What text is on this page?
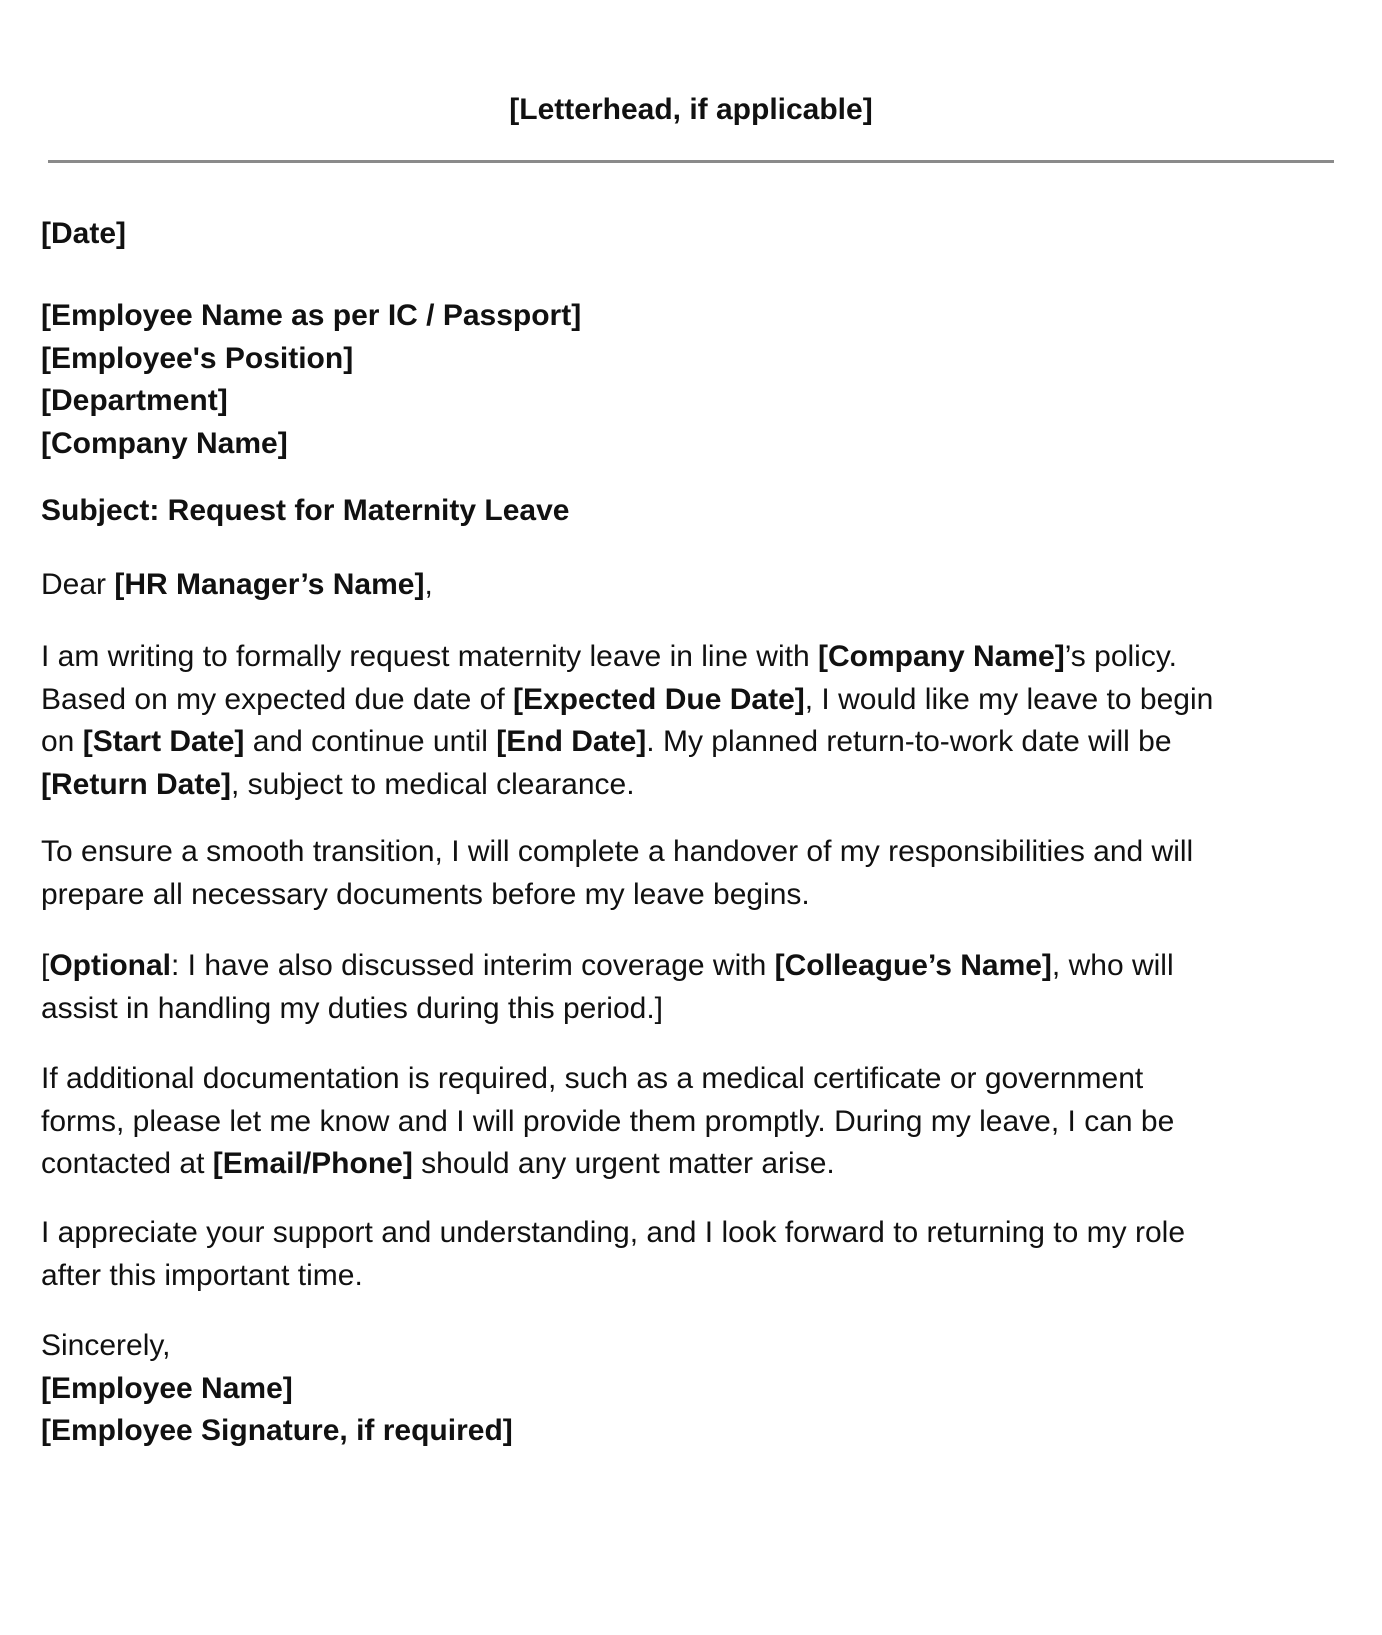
[Letterhead, if applicable]
[Date]
[Employee Name as per IC / Passport]
[Employee's Position]
[Department]
[Company Name]
Subject: Request for Maternity Leave
Dear [HR Manager’s Name],
I am writing to formally request maternity leave in line with [Company Name]’s policy.
Based on my expected due date of [Expected Due Date], I would like my leave to begin
on [Start Date] and continue until [End Date]. My planned return-to-work date will be
[Return Date], subject to medical clearance.
To ensure a smooth transition, I will complete a handover of my responsibilities and will
prepare all necessary documents before my leave begins.
[Optional: I have also discussed interim coverage with [Colleague’s Name], who will
assist in handling my duties during this period.]
If additional documentation is required, such as a medical certificate or government
forms, please let me know and I will provide them promptly. During my leave, I can be
contacted at [Email/Phone] should any urgent matter arise.
I appreciate your support and understanding, and I look forward to returning to my role
after this important time.
Sincerely,
[Employee Name]
[Employee Signature, if required]
